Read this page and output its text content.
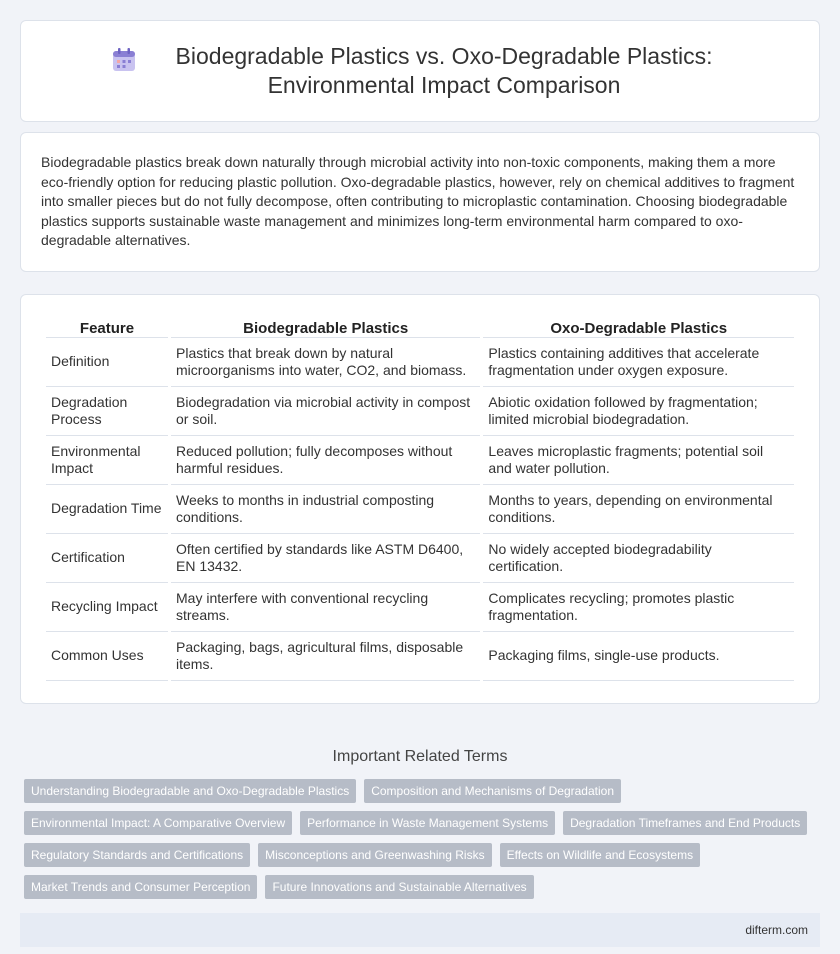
Biodegradable Plastics vs. Oxo-Degradable Plastics: Environmental Impact Comparison

Biodegradable plastics break down naturally through microbial activity into non-toxic components, making them a more eco-friendly option for reducing plastic pollution. Oxo-degradable plastics, however, rely on chemical additives to fragment into smaller pieces but do not fully decompose, often contributing to microplastic contamination. Choosing biodegradable plastics supports sustainable waste management and minimizes long-term environmental harm compared to oxo-degradable alternatives.

Feature	Biodegradable Plastics	Oxo-Degradable Plastics
Definition	Plastics that break down by natural microorganisms into water, CO2, and biomass.	Plastics containing additives that accelerate fragmentation under oxygen exposure.
Degradation Process	Biodegradation via microbial activity in compost or soil.	Abiotic oxidation followed by fragmentation; limited microbial biodegradation.
Environmental Impact	Reduced pollution; fully decomposes without harmful residues.	Leaves microplastic fragments; potential soil and water pollution.
Degradation Time	Weeks to months in industrial composting conditions.	Months to years, depending on environmental conditions.
Certification	Often certified by standards like ASTM D6400, EN 13432.	No widely accepted biodegradability certification.
Recycling Impact	May interfere with conventional recycling streams.	Complicates recycling; promotes plastic fragmentation.
Common Uses	Packaging, bags, agricultural films, disposable items.	Packaging films, single-use products.
Important Related Terms
Understanding Biodegradable and Oxo-Degradable Plastics	Composition and Mechanisms of Degradation
Environmental Impact: A Comparative Overview	Performance in Waste Management Systems	Degradation Timeframes and End Products
Regulatory Standards and Certifications	Misconceptions and Greenwashing Risks	Effects on Wildlife and Ecosystems
Market Trends and Consumer Perception	Future Innovations and Sustainable Alternatives
difterm.com
